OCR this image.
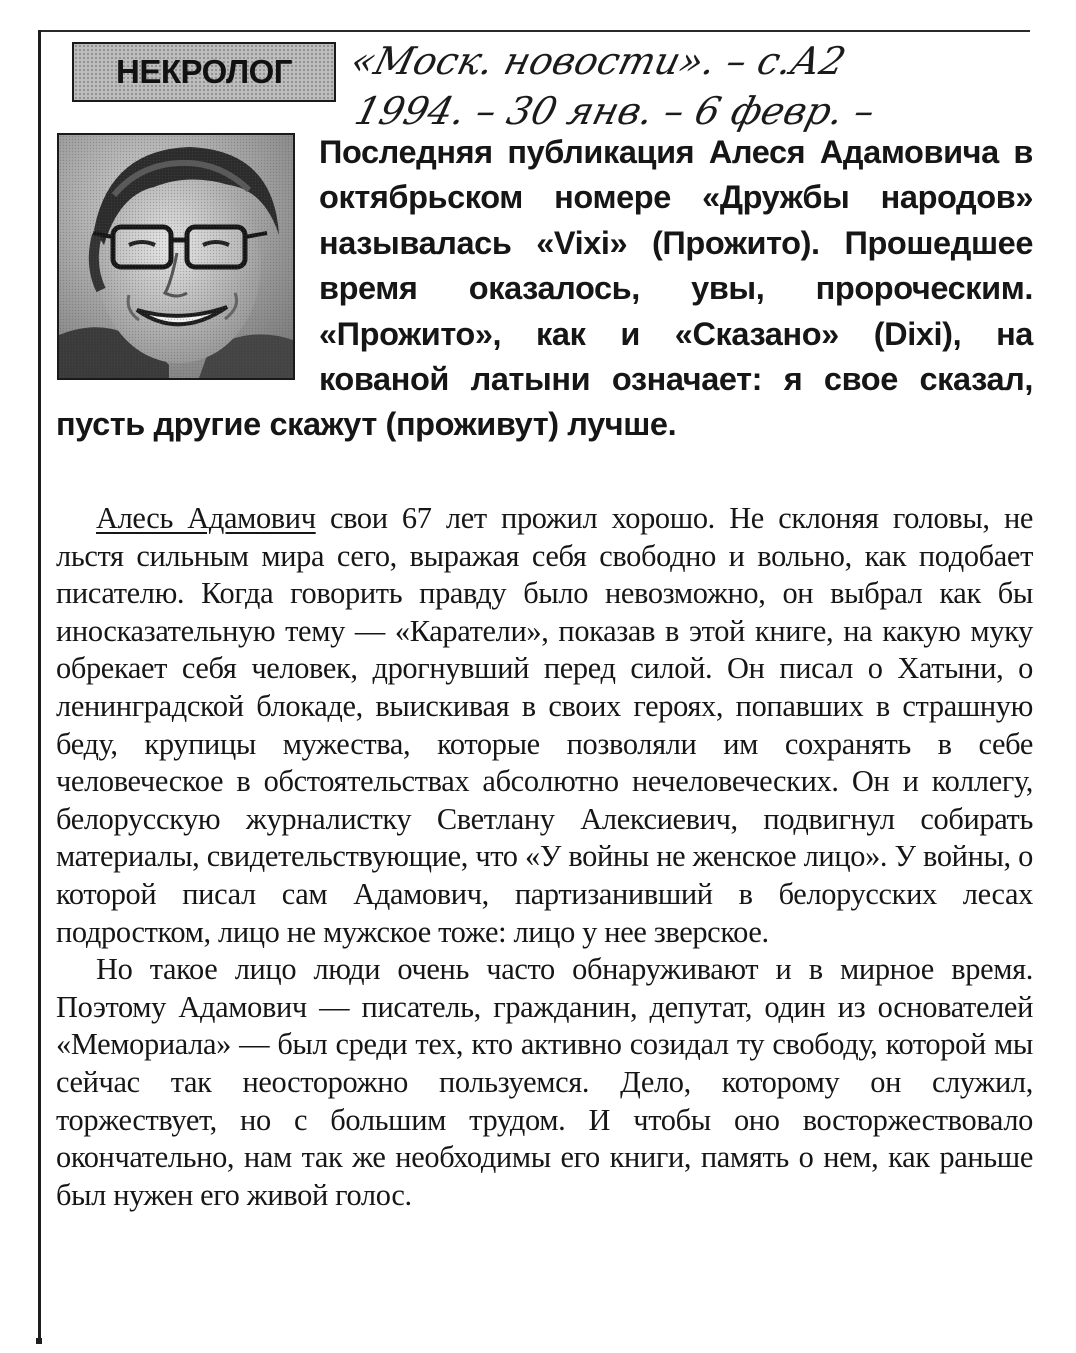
НЕКРОЛОГ	«Моск. новости». – с.А2
1994. – 30 янв. – 6 февр. –

Последняя публикация Алеся Адамовича в октябрьском номере «Дружбы народов» называлась «Vixi» (Прожито). Прошедшее время оказалось, увы, пророческим. «Прожито», как и «Сказано» (Dixi), на кованой латыни означает: я свое сказал, пусть другие скажут (проживут) лучше.

Алесь Адамович свои 67 лет прожил хорошо. Не склоняя головы, не льстя сильным мира сего, выражая себя свободно и вольно, как подобает писателю. Когда говорить правду было невозможно, он выбрал как бы иносказательную тему — «Каратели», показав в этой книге, на какую муку обрекает себя человек, дрогнувший перед силой. Он писал о Хатыни, о ленинградской блокаде, выискивая в своих героях, попавших в страшную беду, крупицы мужества, которые позволяли им сохранять в себе человеческое в обстоятельствах абсолютно нечеловеческих. Он и коллегу, белорусскую журналистку Светлану Алексиевич, подвигнул собирать материалы, свидетельствующие, что «У войны не женское лицо». У войны, о которой писал сам Адамович, партизанивший в белорусских лесах подростком, лицо не мужское тоже: лицо у нее зверское.

Но такое лицо люди очень часто обнаруживают и в мирное время. Поэтому Адамович — писатель, гражданин, депутат, один из основателей «Мемориала» — был среди тех, кто активно созидал ту свободу, которой мы сейчас так неосторожно пользуемся. Дело, которому он служил, торжествует, но с большим трудом. И чтобы оно восторжествовало окончательно, нам так же необходимы его книги, память о нем, как раньше был нужен его живой голос.
